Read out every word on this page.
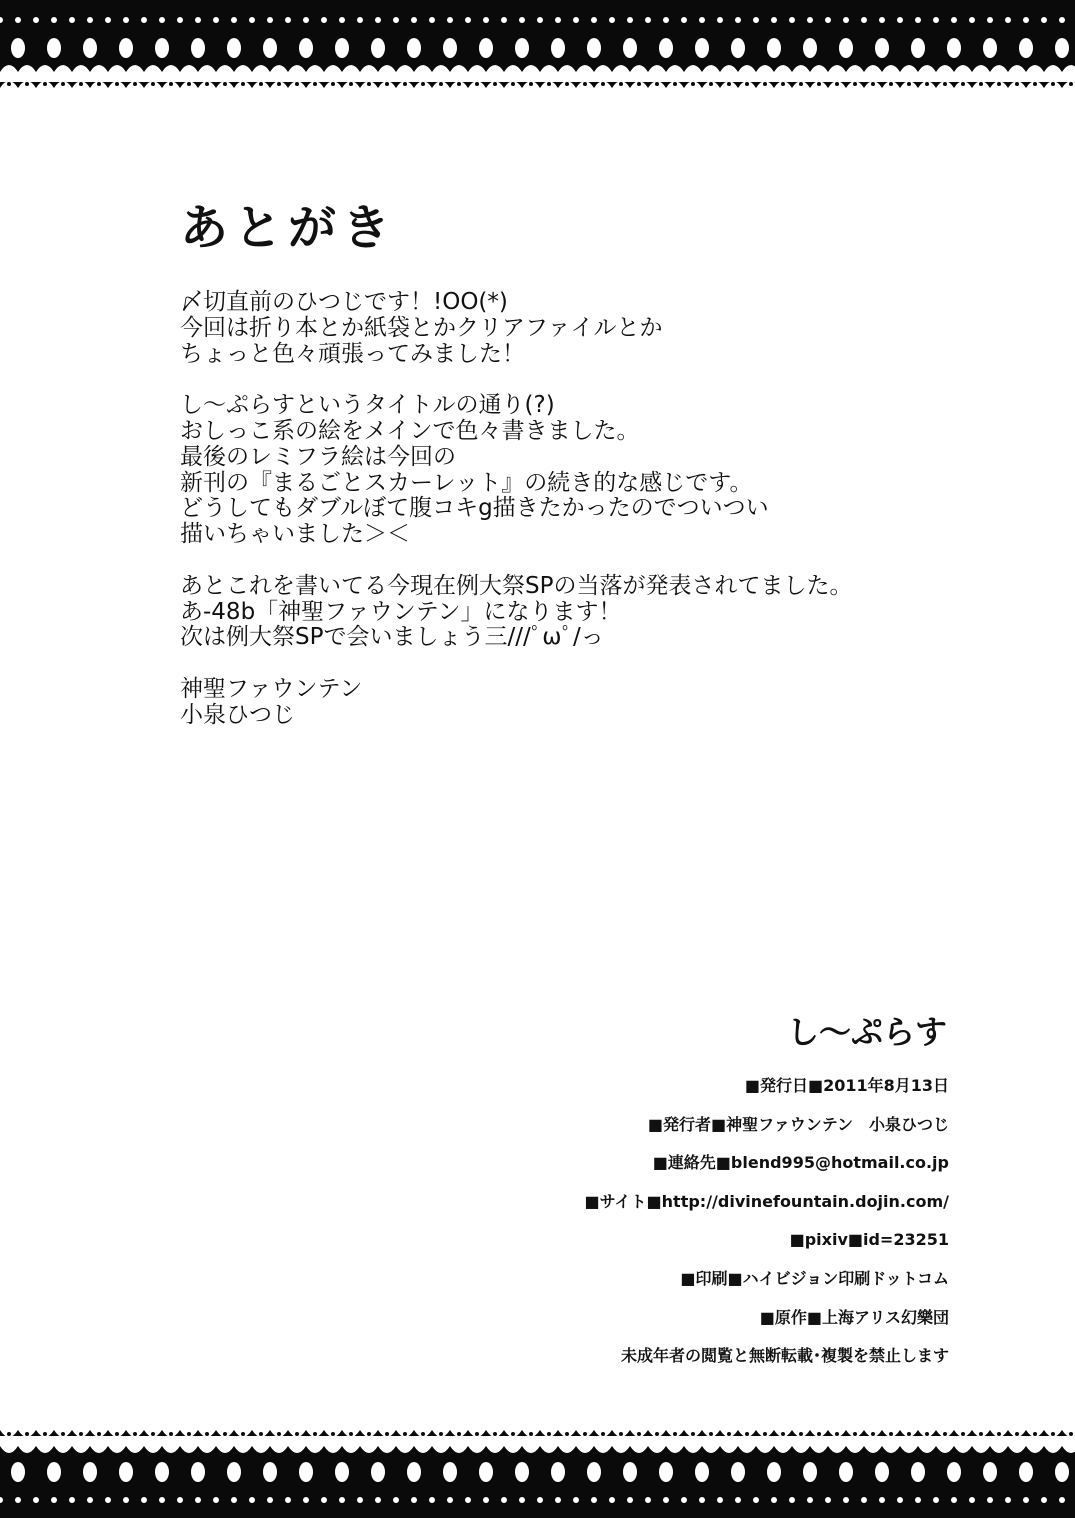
あとがき
〆切直前のひつじです！!OO(*)
今回は折り本とか紙袋とかクリアファイルとか
ちょっと色々頑張ってみました！
し～ぷらすというタイトルの通り(?)
おしっこ系の絵をメインで色々書きました。
最後のレミフラ絵は今回の
新刊の『まるごとスカーレット』の続き的な感じです。
どうしてもダブルぼて腹コキg描きたかったのでついつい
描いちゃいました＞＜
あとこれを書いてる今現在例大祭SPの当落が発表されてました。
あ-48b「神聖ファウンテン」になります！
次は例大祭SPで会いましょう三///ﾟωﾟ/っ
神聖ファウンテン
小泉ひつじ
し～ぷらす
■発行日■2011年8月13日
■発行者■神聖ファウンテン　小泉ひつじ
■連絡先■blend995@hotmail.co.jp
■サイト■http://divinefountain.dojin.com/
■pixiv■id=23251
■印刷■ハイビジョン印刷ドットコム
■原作■上海アリス幻樂団
未成年者の閲覧と無断転載･複製を禁止します
